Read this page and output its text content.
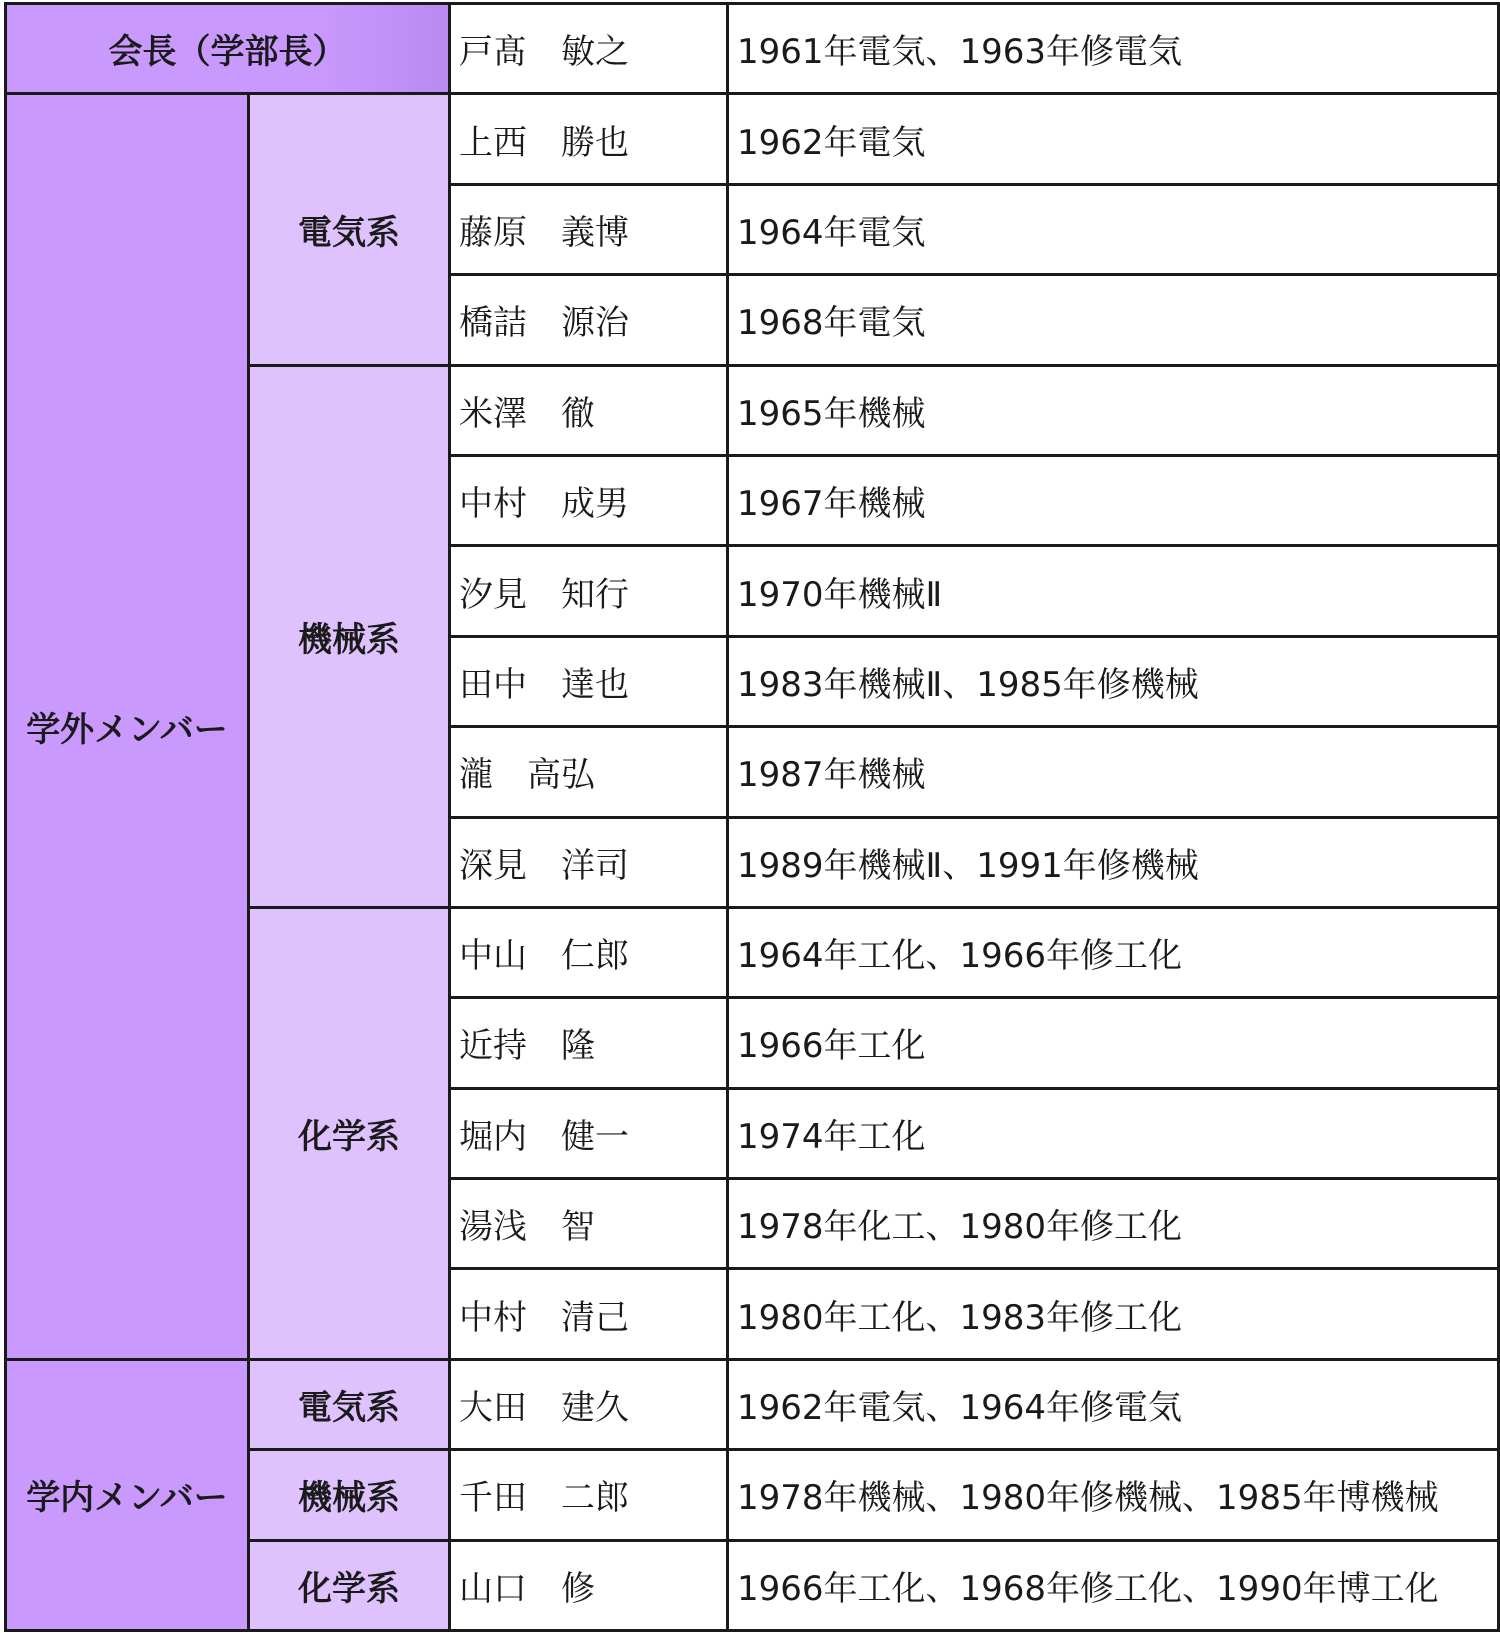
会長（学部長）		戸髙　敏之	1961年電気、1963年修電気
学外メンバー	電気系	上西　勝也	1962年電気
		藤原　義博	1964年電気
		橋詰　源治	1968年電気
	機械系	米澤　徹	1965年機械
		中村　成男	1967年機械
		汐見　知行	1970年機械Ⅱ
		田中　達也	1983年機械Ⅱ、1985年修機械
		瀧　高弘	1987年機械
		深見　洋司	1989年機械Ⅱ、1991年修機械
	化学系	中山　仁郎	1964年工化、1966年修工化
		近持　隆	1966年工化
		堀内　健一	1974年工化
		湯浅　智	1978年化工、1980年修工化
		中村　清己	1980年工化、1983年修工化
学内メンバー	電気系	大田　建久	1962年電気、1964年修電気
	機械系	千田　二郎	1978年機械、1980年修機械、1985年博機械
	化学系	山口　修	1966年工化、1968年修工化、1990年博工化
